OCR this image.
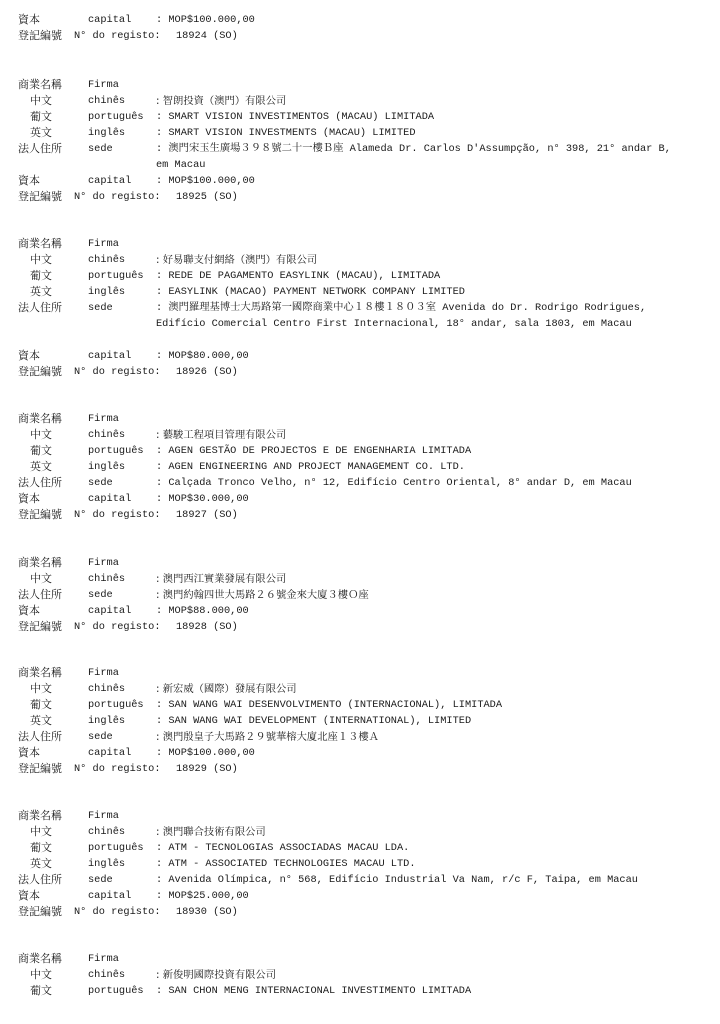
資本	capital : MOP$100.000,00
登記編號 N° do registo: 18924 (SO)
商業名稱	Firma
中文	chinês	: 智朗投資（澳門）有限公司
葡文	português : SMART VISION INVESTIMENTOS (MACAU) LIMITADA
英文	inglês	: SMART VISION INVESTMENTS (MACAU) LIMITED
法人住所	sede	: 澳門宋玉生廣場３９８號二十一樓Ｂ座 Alameda Dr. Carlos D'Assumpção, n° 398, 21° andar B, em Macau
資本	capital : MOP$100.000,00
登記編號 N° do registo: 18925 (SO)
商業名稱	Firma
中文	chinês	: 好易聯支付網絡（澳門）有限公司
葡文	português : REDE DE PAGAMENTO EASYLINK (MACAU), LIMITADA
英文	inglês	: EASYLINK (MACAO) PAYMENT NETWORK COMPANY LIMITED
法人住所	sede	: 澳門羅理基博士大馬路第一國際商業中心１８樓１８０３室 Avenida do Dr. Rodrigo Rodrigues, Edifício Comercial Centro First Internacional, 18° andar, sala 1803, em Macau
資本	capital : MOP$80.000,00
登記編號 N° do registo: 18926 (SO)
商業名稱	Firma
中文	chinês	: 藝駿工程項目管理有限公司
葡文	português : AGEN GESTÃO DE PROJECTOS E DE ENGENHARIA LIMITADA
英文	inglês	: AGEN ENGINEERING AND PROJECT MANAGEMENT CO. LTD.
法人住所	sede	: Calçada Tronco Velho, n° 12, Edifício Centro Oriental, 8° andar D, em Macau
資本	capital : MOP$30.000,00
登記編號 N° do registo: 18927 (SO)
商業名稱	Firma
中文	chinês	: 澳門西江實業發展有限公司
法人住所	sede	: 澳門約翰四世大馬路２６號金來大廈３樓Ｏ座
資本	capital : MOP$88.000,00
登記編號 N° do registo: 18928 (SO)
商業名稱	Firma
中文	chinês	: 新宏威（國際）發展有限公司
葡文	português : SAN WANG WAI DESENVOLVIMENTO (INTERNACIONAL), LIMITADA
英文	inglês	: SAN WANG WAI DEVELOPMENT (INTERNATIONAL), LIMITED
法人住所	sede	: 澳門殷皇子大馬路２９號華榕大廈北座１３樓Ａ
資本	capital : MOP$100.000,00
登記編號 N° do registo: 18929 (SO)
商業名稱	Firma
中文	chinês	: 澳門聯合技術有限公司
葡文	português : ATM - TECNOLOGIAS ASSOCIADAS MACAU LDA.
英文	inglês	: ATM - ASSOCIATED TECHNOLOGIES MACAU LTD.
法人住所	sede	: Avenida Olímpica, n° 568, Edifício Industrial Va Nam, r/c F, Taipa, em Macau
資本	capital : MOP$25.000,00
登記編號 N° do registo: 18930 (SO)
商業名稱	Firma
中文	chinês	: 新俊明國際投資有限公司
葡文	português : SAN CHON MENG INTERNACIONAL INVESTIMENTO LIMITADA
